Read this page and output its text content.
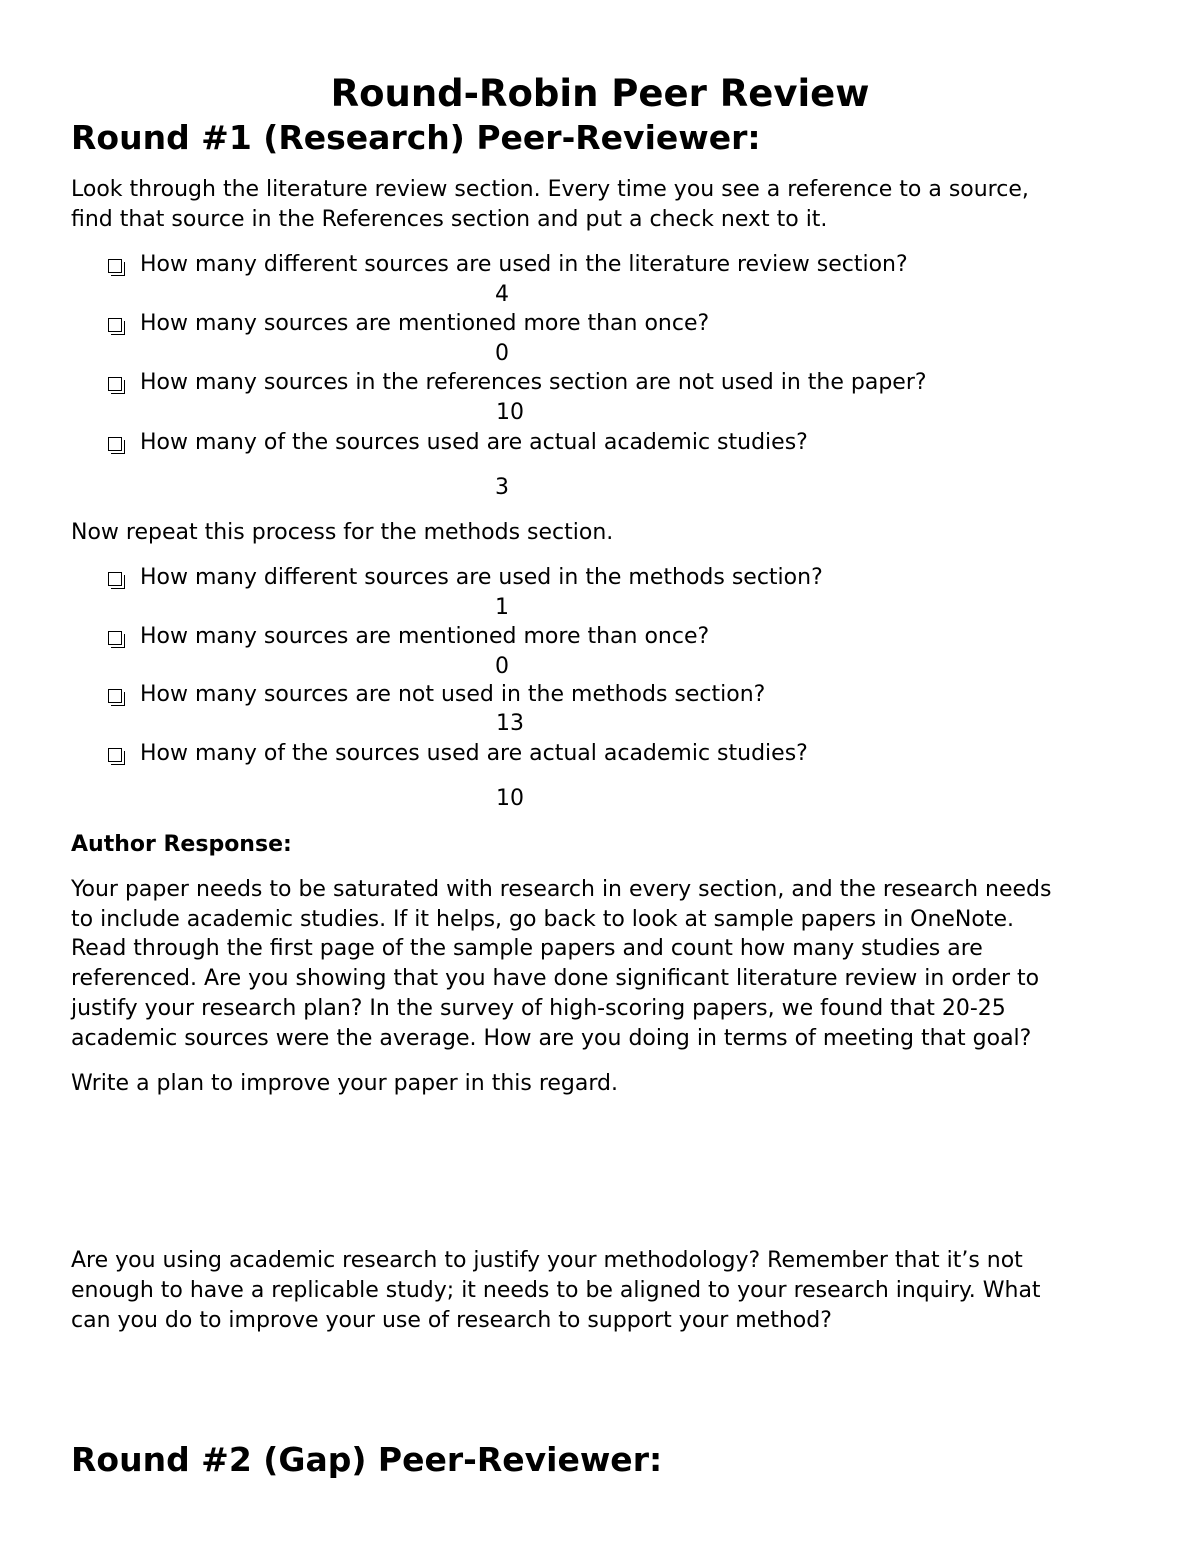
Round-Robin Peer Review
Round #1 (Research) Peer-Reviewer:
Look through the literature review section. Every time you see a reference to a source,
find that source in the References section and put a check next to it.
How many different sources are used in the literature review section?
4
How many sources are mentioned more than once?
0
How many sources in the references section are not used in the paper?
10
How many of the sources used are actual academic studies?
3
Now repeat this process for the methods section.
How many different sources are used in the methods section?
1
How many sources are mentioned more than once?
0
How many sources are not used in the methods section?
13
How many of the sources used are actual academic studies?
10
Author Response:
Your paper needs to be saturated with research in every section, and the research needs
to include academic studies. If it helps, go back to look at sample papers in OneNote.
Read through the first page of the sample papers and count how many studies are
referenced. Are you showing that you have done significant literature review in order to
justify your research plan? In the survey of high-scoring papers, we found that 20-25
academic sources were the average. How are you doing in terms of meeting that goal?
Write a plan to improve your paper in this regard.
Are you using academic research to justify your methodology? Remember that it’s not
enough to have a replicable study; it needs to be aligned to your research inquiry. What
can you do to improve your use of research to support your method?
Round #2 (Gap) Peer-Reviewer:
